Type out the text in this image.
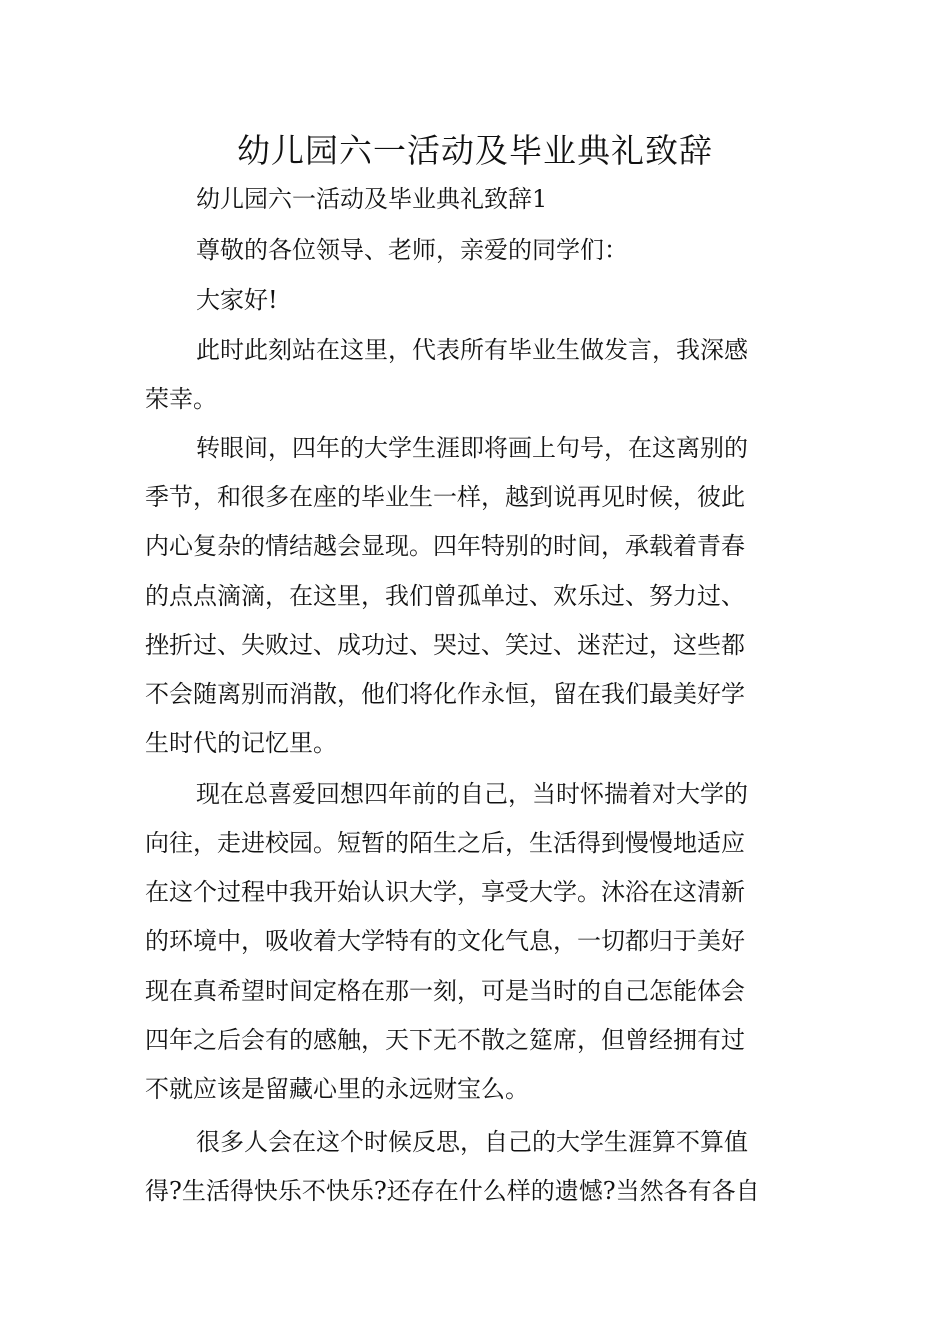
幼儿园六一活动及毕业典礼致辞

幼儿园六一活动及毕业典礼致辞1

尊敬的各位领导、老师，亲爱的同学们：

大家好!

此时此刻站在这里，代表所有毕业生做发言，我深感

荣幸。

转眼间，四年的大学生涯即将画上句号，在这离别的

季节，和很多在座的毕业生一样，越到说再见时候，彼此

内心复杂的情结越会显现。四年特别的时间，承载着青春

的点点滴滴，在这里，我们曾孤单过、欢乐过、努力过、

挫折过、失败过、成功过、哭过、笑过、迷茫过，这些都

不会随离别而消散，他们将化作永恒，留在我们最美好学

生时代的记忆里。

现在总喜爱回想四年前的自己，当时怀揣着对大学的

向往，走进校园。短暂的陌生之后，生活得到慢慢地适应

在这个过程中我开始认识大学，享受大学。沐浴在这清新

的环境中，吸收着大学特有的文化气息，一切都归于美好

现在真希望时间定格在那一刻，可是当时的自己怎能体会

四年之后会有的感触，天下无不散之筵席，但曾经拥有过

不就应该是留藏心里的永远财宝么。

很多人会在这个时候反思，自己的大学生涯算不算值

得?生活得快乐不快乐?还存在什么样的遗憾?当然各有各自
